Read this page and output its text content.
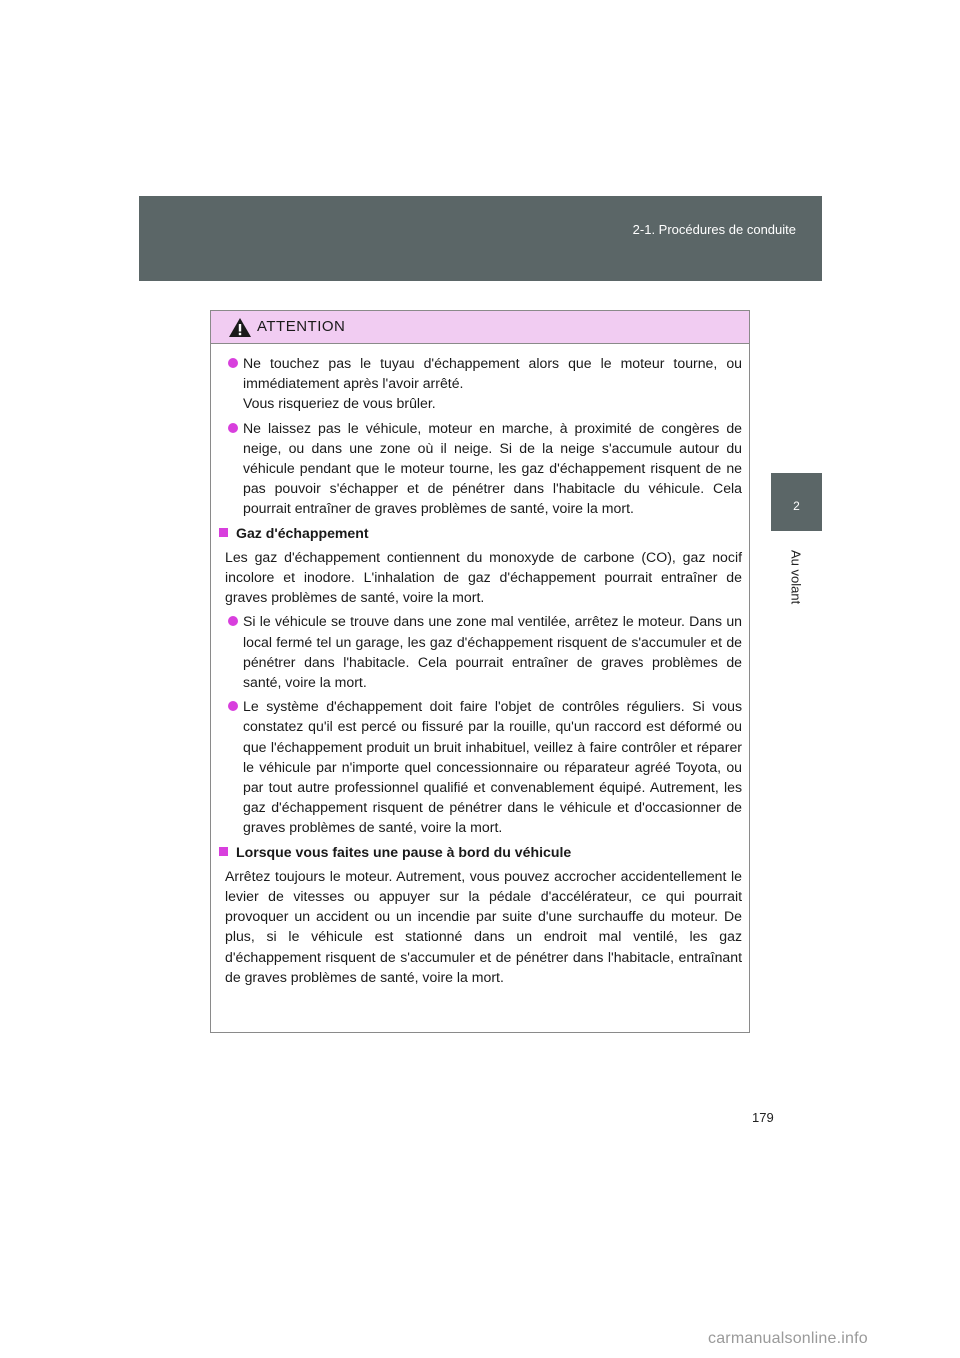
2-1. Procédures de conduite
2
Au volant
ATTENTION
Ne touchez pas le tuyau d'échappement alors que le moteur tourne, ou immédiatement après l'avoir arrêté.
Vous risqueriez de vous brûler.
Ne laissez pas le véhicule, moteur en marche, à proximité de congères de neige, ou dans une zone où il neige. Si de la neige s'accumule autour du véhicule pendant que le moteur tourne, les gaz d'échappement risquent de ne pas pouvoir s'échapper et de pénétrer dans l'habitacle du véhicule. Cela pourrait entraîner de graves problèmes de santé, voire la mort.
Gaz d'échappement
Les gaz d'échappement contiennent du monoxyde de carbone (CO), gaz nocif incolore et inodore. L'inhalation de gaz d'échappement pourrait entraîner de graves problèmes de santé, voire la mort.
Si le véhicule se trouve dans une zone mal ventilée, arrêtez le moteur. Dans un local fermé tel un garage, les gaz d'échappement risquent de s'accumuler et de pénétrer dans l'habitacle. Cela pourrait entraîner de graves problèmes de santé, voire la mort.
Le système d'échappement doit faire l'objet de contrôles réguliers. Si vous constatez qu'il est percé ou fissuré par la rouille, qu'un raccord est déformé ou que l'échappement produit un bruit inhabituel, veillez à faire contrôler et réparer le véhicule par n'importe quel concessionnaire ou réparateur agréé Toyota, ou par tout autre professionnel qualifié et convenablement équipé. Autrement, les gaz d'échappement risquent de pénétrer dans le véhicule et d'occasionner de graves problèmes de santé, voire la mort.
Lorsque vous faites une pause à bord du véhicule
Arrêtez toujours le moteur. Autrement, vous pouvez accrocher accidentellement le levier de vitesses ou appuyer sur la pédale d'accélérateur, ce qui pourrait provoquer un accident ou un incendie par suite d'une surchauffe du moteur. De plus, si le véhicule est stationné dans un endroit mal ventilé, les gaz d'échappement risquent de s'accumuler et de pénétrer dans l'habitacle, entraînant de graves problèmes de santé, voire la mort.
179
carmanualsonline.info
